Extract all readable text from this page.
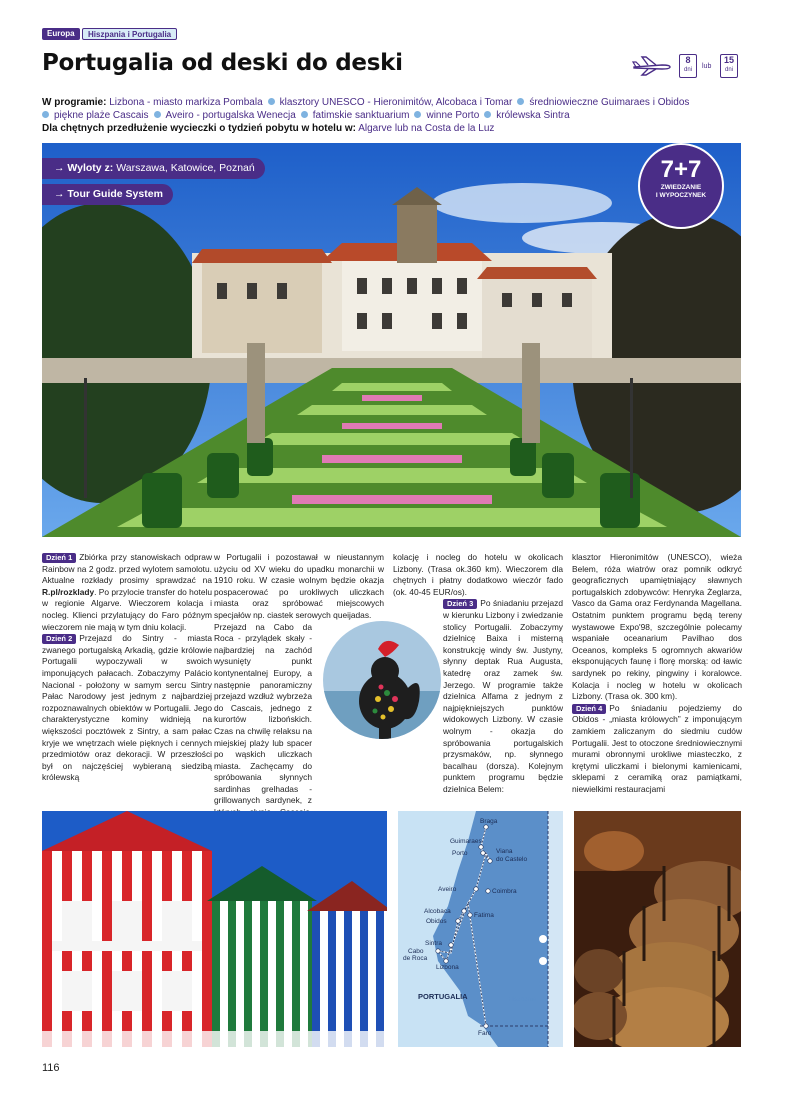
Europa	Hiszpania i Portugalia
Portugalia od deski do deski	8
dni	lub
15
dni
W programie: Lizbona - miasto markiza Pombala klasztory UNESCO - Hieronimitów, Alcobaca i Tomar średniowieczne Guimaraes i Obidos
piękne plaże Cascais Aveiro - portugalska Wenecja fatimskie sanktuarium winne Porto królewska Sintra
Dla chętnych przedłużenie wycieczki o tydzień pobytu w hotelu w: Algarve lub na Costa de la Luz
→ Wyloty z: Warszawa, Katowice, Poznań
→ Tour Guide System
7+7
ZWIEDZANIE
I WYPOCZYNEK

Dzień 1 Zbiórka przy stanowiskach odpraw Rainbow na 2 godz. przed wylotem samolotu. Aktualne rozkłady prosimy sprawdzać na R.pl/rozklady. Po przylocie transfer do hotelu w regionie Algarve. Wieczorem kolacja i nocleg. Klienci przylatujący do Faro późnym wieczorem nie mają w tym dniu kolacji.

Dzień 2 Przejazd do Sintry - miasta zwanego portugalską Arkadią, gdzie królowie Portugalii wypoczywali w swoich imponujących pałacach. Zobaczymy Palácio Nacional - położony w samym sercu Sintry Pałac Narodowy jest jednym z najbardziej rozpoznawalnych obiektów w Portugalii. Jego charakterystyczne kominy widnieją na większości pocztówek z Sintry, a sam pałac kryje we wnętrzach wiele pięknych i cennych przedmiotów oraz dekoracji. W przeszłości był on najczęściej wybieraną siedzibą królewską

w Portugalii i pozostawał w nieustannym użyciu od XV wieku do upadku monarchii w 1910 roku. W czasie wolnym będzie okazja pospacerować po urokliwych uliczkach miasta oraz spróbować miejscowych specjałów np. ciastek serowych queijadas.

Przejazd na Cabo da Roca - przylądek skały - najbardziej na zachód wysunięty punkt kontynentalnej Europy, a następnie panoramiczny przejazd wzdłuż wybrzeża do Cascais, jednego z kurortów lizbońskich. Czas na chwilę relaksu na miejskiej plaży lub spacer po wąskich uliczkach miasta. Zachęcamy do spróbowania słynnych sardinhas grelhadas - grillowanych sardynek, z

kolację i nocleg do hotelu w okolicach Lizbony. (Trasa ok.360 km). Wieczorem dla chętnych i płatny dodatkowo wieczór fado (ok. 40-45 EUR/os).

Dzień 3 Po śniadaniu przejazd w kierunku Lizbony i zwiedzanie stolicy Portugalii. Zobaczymy dzielnicę Baixa i misterną konstrukcję windy św. Justyny, słynny deptak Rua Augusta, katedrę oraz zamek św. Jerzego. W programie także dzielnica Alfama z jednym z najpiękniejszych punktów widokowych Lizbony. W czasie wolnym - okazja do spróbowania portugalskich przysmaków, np. słynnego bacalhau (dorsza). Kolejnym punktem programu będzie dzielnica Belem:

klasztor Hieronimitów (UNESCO), wieża Belem, róża wiatrów oraz pomnik odkryć geograficznych upamiętniający sławnych portugalskich zdobywców: Henryka Żeglarza, Vasco da Gama oraz Ferdynanda Magellana. Ostatnim punktem programu będą tereny wystawowe Expo'98, szczególnie polecamy wspaniałe oceanarium Pavilhao dos Oceanos, kompleks 5 ogromnych akwariów eksponujących faunę i florę morską: od ławic sardynek po rekiny, pingwiny i koralowce. Kolacja i nocleg w hotelu w okolicach Lizbony. (Trasa ok. 300 km).

Dzień 4 Po śniadaniu pojedziemy do Obidos - „miasta królowych” z imponującym zamkiem zaliczanym do siedmiu cudów Portugalii. Jest to otoczone średniowiecznymi murami obronnymi urokliwe miasteczko, z krętymi uliczkami i bielonymi kamienicami, sklepami z ceramiką oraz pamiątkami, niewielkimi restauracjami

Braga
Guimaraes
Porto	Viana
do Castelo
Aveiro	Coimbra
Alcobaca
Obidos
Fatima
Sintra
Cabo
de Roca
Lizbona
Faro
PORTUGALIA	Hiszpania
116
